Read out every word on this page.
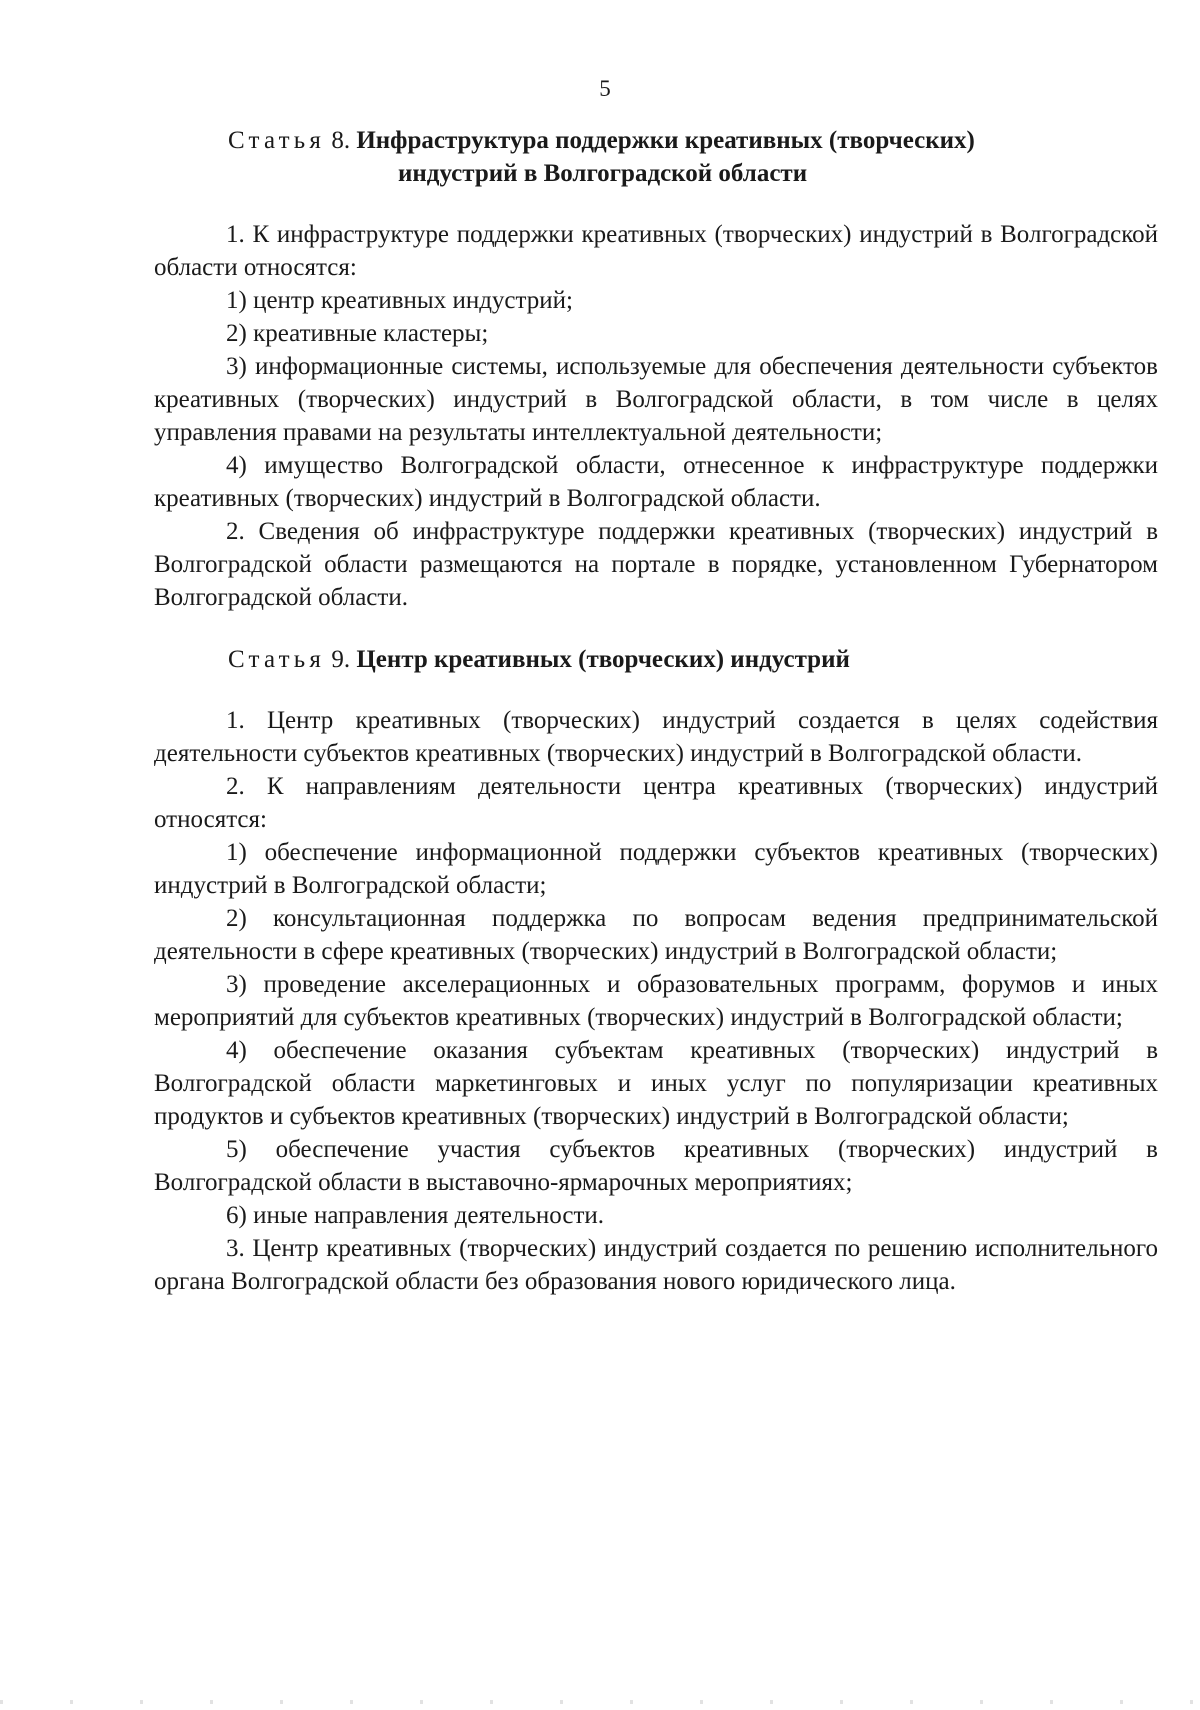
5
Статья 8. Инфраструктура поддержки креативных (творческих)
индустрий в Волгоградской области

1. К инфраструктуре поддержки креативных (творческих) индустрий в Волгоградской области относятся:

1) центр креативных индустрий;

2) креативные кластеры;

3) информационные системы, используемые для обеспечения деятельности субъектов креативных (творческих) индустрий в Волгоградской области, в том числе в целях управления правами на результаты интеллектуальной деятельности;

4) имущество Волгоградской области, отнесенное к инфраструктуре поддержки креативных (творческих) индустрий в Волгоградской области.

2. Сведения об инфраструктуре поддержки креативных (творческих) индустрий в Волгоградской области размещаются на портале в порядке, установленном Губернатором Волгоградской области.

Статья 9. Центр креативных (творческих) индустрий

1. Центр креативных (творческих) индустрий создается в целях содействия деятельности субъектов креативных (творческих) индустрий в Волгоградской области.

2. К направлениям деятельности центра креативных (творческих) индустрий относятся:

1) обеспечение информационной поддержки субъектов креативных (творческих) индустрий в Волгоградской области;

2) консультационная поддержка по вопросам ведения предпринимательской деятельности в сфере креативных (творческих) индустрий в Волгоградской области;

3) проведение акселерационных и образовательных программ, форумов и иных мероприятий для субъектов креативных (творческих) индустрий в Волгоградской области;

4) обеспечение оказания субъектам креативных (творческих) индустрий в Волгоградской области маркетинговых и иных услуг по популяризации креативных продуктов и субъектов креативных (творческих) индустрий в Волгоградской области;

5) обеспечение участия субъектов креативных (творческих) индустрий в Волгоградской области в выставочно-ярмарочных мероприятиях;

6) иные направления деятельности.

3. Центр креативных (творческих) индустрий создается по решению исполнительного органа Волгоградской области без образования нового юридического лица.
